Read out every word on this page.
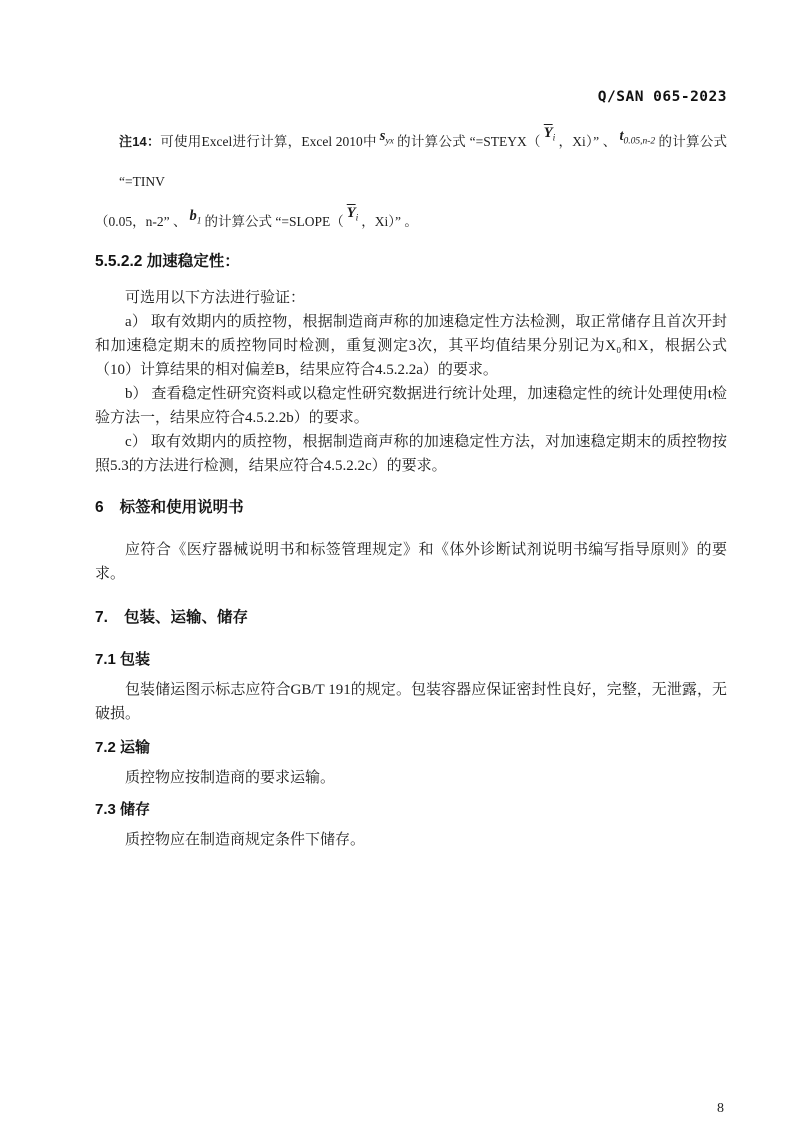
Q/SAN 065-2023
注14：可使用Excel进行计算，Excel 2010中 $s_{yx}$ 的计算公式 “$=STEYX(\overline{Y}_i$ ，Xi）” 、 $t_{0.05,n-2}$ 的计算公式 “=TINV
（0.05，n-2” 、 $b_1$ 的计算公式 “$=SLOPE(\overline{Y}_i$ ，Xi）” 。
5.5.2.2 加速稳定性：

可选用以下方法进行验证：

a） 取有效期内的质控物，根据制造商声称的加速稳定性方法检测，取正常储存且首次开封和加速稳定期末的质控物同时检测，重复测定3次，其平均值结果分别记为X₀和X，根据公式（10）计算结果的相对偏差B，结果应符合4.5.2.2a）的要求。

b） 查看稳定性研究资料或以稳定性研究数据进行统计处理，加速稳定性的统计处理使用t检验方法一，结果应符合4.5.2.2b）的要求。

c） 取有效期内的质控物，根据制造商声称的加速稳定性方法，对加速稳定期末的质控物按照5.3的方法进行检测，结果应符合4.5.2.2c）的要求。

6 标签和使用说明书

应符合《医疗器械说明书和标签管理规定》和《体外诊断试剂说明书编写指导原则》的要求。

7. 包装、运输、储存
7.1 包装

包装储运图示标志应符合GB/T 191的规定。包装容器应保证密封性良好，完整，无泄露，无破损。

7.2 运输

质控物应按制造商的要求运输。

7.3 储存

质控物应在制造商规定条件下储存。

8
